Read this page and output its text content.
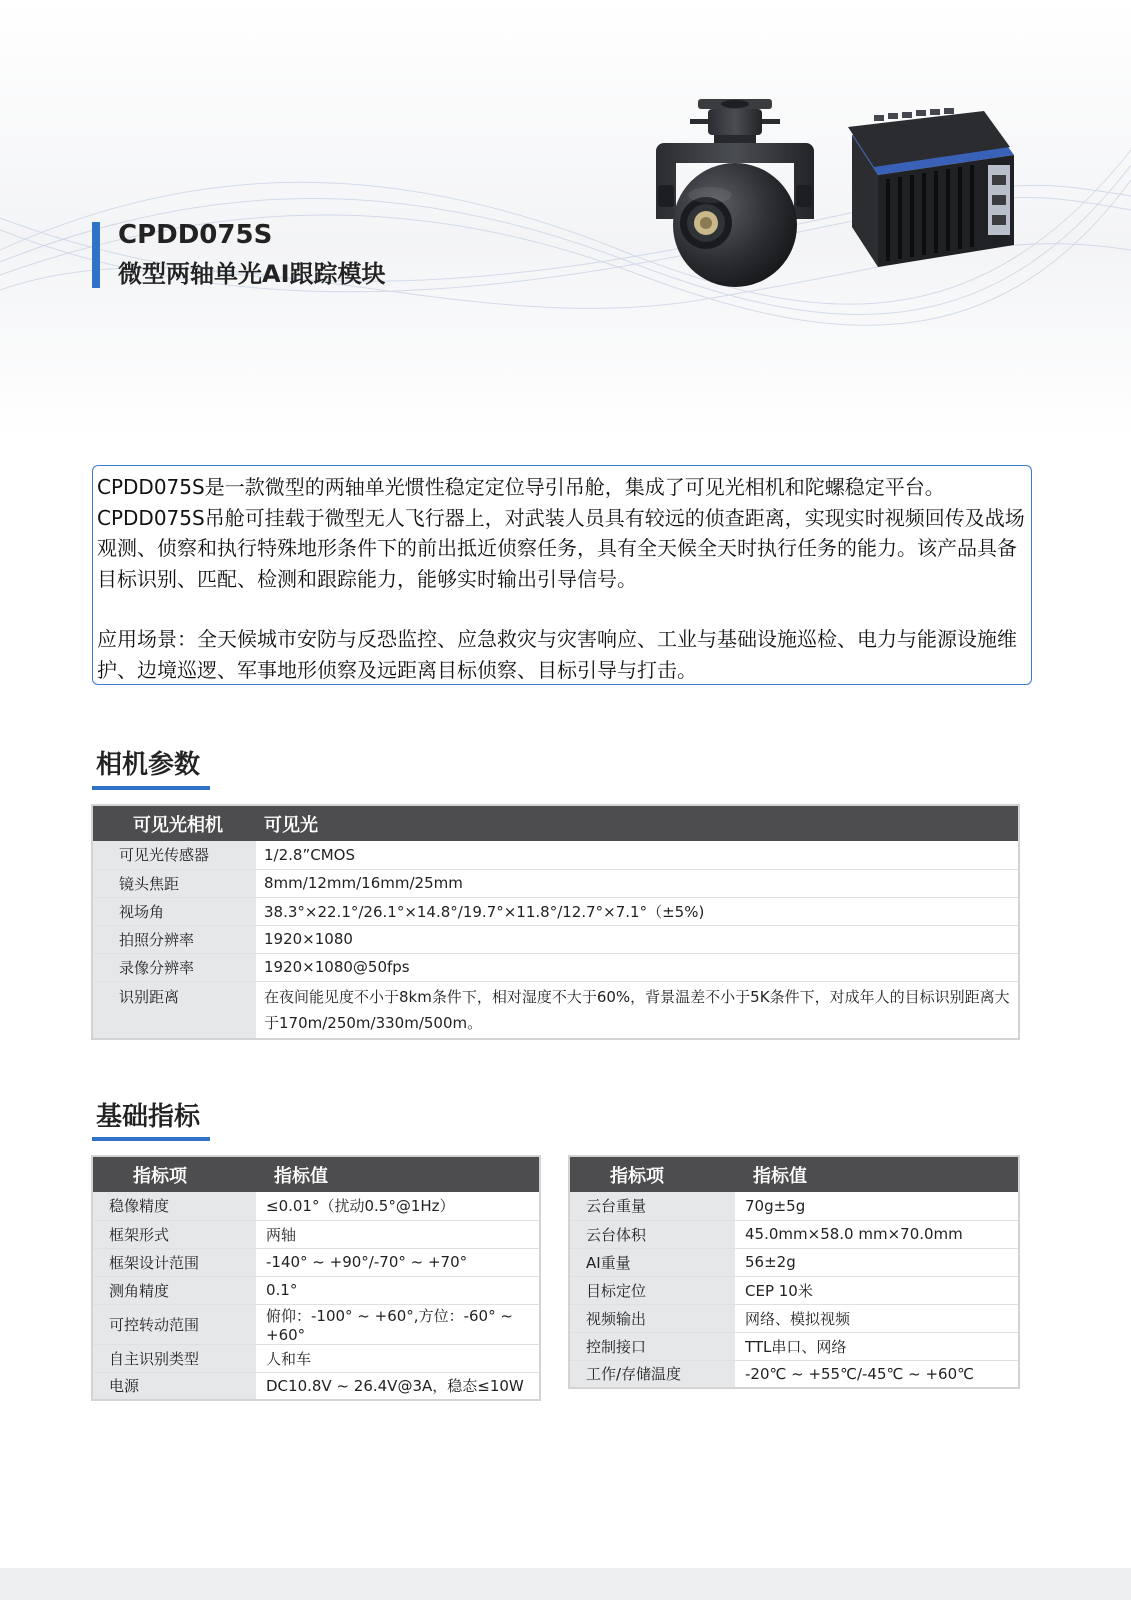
CPDD075S
微型两轴单光AI跟踪模块

CPDD075S是一款微型的两轴单光惯性稳定定位导引吊舱，集成了可见光相机和陀螺稳定平台。CPDD075S吊舱可挂载于微型无人飞行器上，对武装人员具有较远的侦查距离，实现实时视频回传及战场观测、侦察和执行特殊地形条件下的前出抵近侦察任务，具有全天候全天时执行任务的能力。该产品具备目标识别、匹配、检测和跟踪能力，能够实时输出引导信号。

应用场景：全天候城市安防与反恐监控、应急救灾与灾害响应、工业与基础设施巡检、电力与能源设施维护、边境巡逻、军事地形侦察及远距离目标侦察、目标引导与打击。

相机参数
可见光相机	可见光
可见光传感器	1/2.8”CMOS
镜头焦距	8mm/12mm/16mm/25mm
视场角	38.3°×22.1°/26.1°×14.8°/19.7°×11.8°/12.7°×7.1°（±5%)
拍照分辨率	1920×1080
录像分辨率	1920×1080@50fps
识别距离	在夜间能见度不小于8km条件下，相对湿度不大于60%，背景温差不小于5K条件下，对成年人的目标识别距离大于170m/250m/330m/500m。
基础指标
指标项	指标值
稳像精度	≤0.01°（扰动0.5°@1Hz）
框架形式	两轴
框架设计范围	-140° ~ +90°/-70° ~ +70°
测角精度	0.1°
可控转动范围	俯仰：-100° ~ +60°,方位：-60° ~ +60°
自主识别类型	人和车
电源	DC10.8V ~ 26.4V@3A，稳态≤10W
指标项	指标值
云台重量	70g±5g
云台体积	45.0mm×58.0 mm×70.0mm
AI重量	56±2g
目标定位	CEP 10米
视频输出	网络、模拟视频
控制接口	TTL串口、网络
工作/存储温度	-20℃ ~ +55℃/-45℃ ~ +60℃
